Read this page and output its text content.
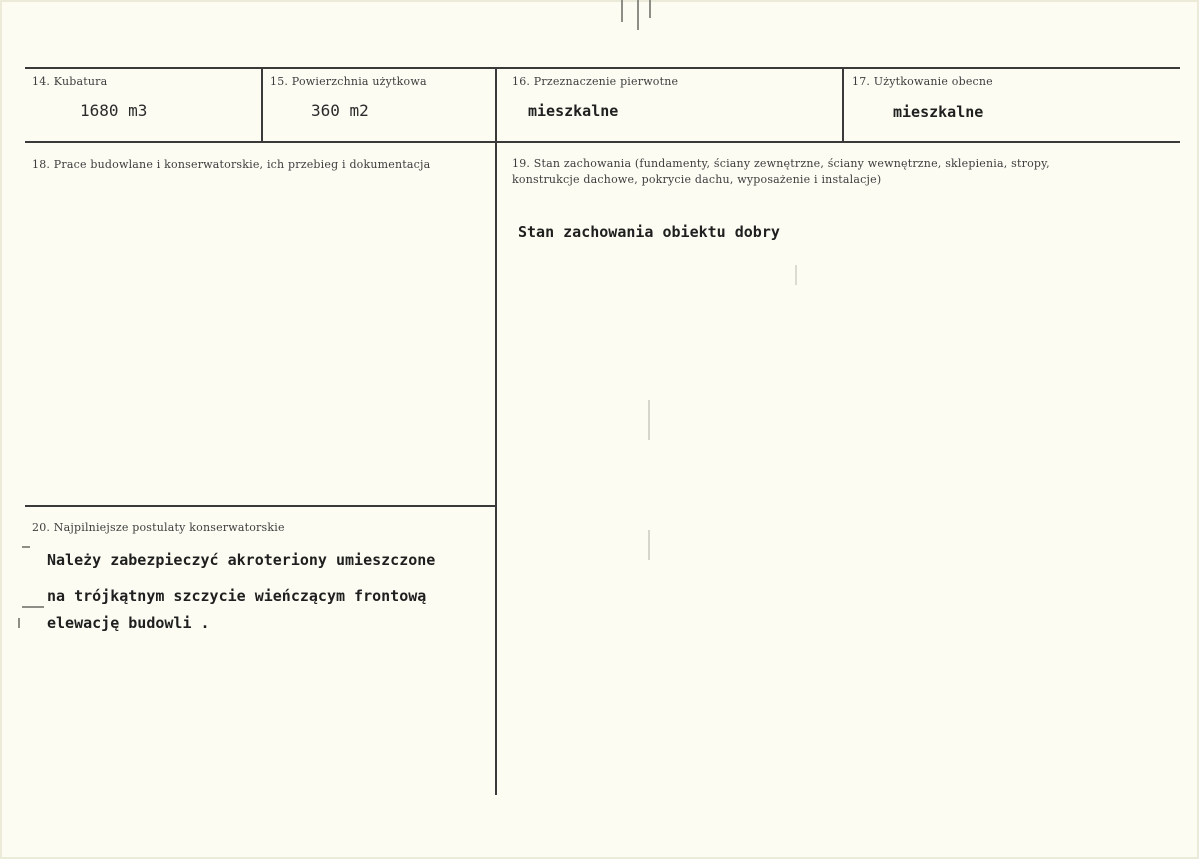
14. Kubatura
1680 m3
15. Powierzchnia użytkowa
360 m2
16. Przeznaczenie pierwotne
mieszkalne
17. Użytkowanie obecne
mieszkalne
18. Prace budowlane i konserwatorskie, ich przebieg i dokumentacja	19. Stan zachowania (fundamenty, ściany zewnętrzne, ściany wewnętrzne, sklepienia, stropy,
konstrukcje dachowe, pokrycie dachu, wyposażenie i instalacje)
Stan zachowania obiektu dobry
20. Najpilniejsze postulaty konserwatorskie
Należy zabezpieczyć akroteriony umieszczone
na trójkątnym szczycie wieńczącym frontową
elewację budowli .
